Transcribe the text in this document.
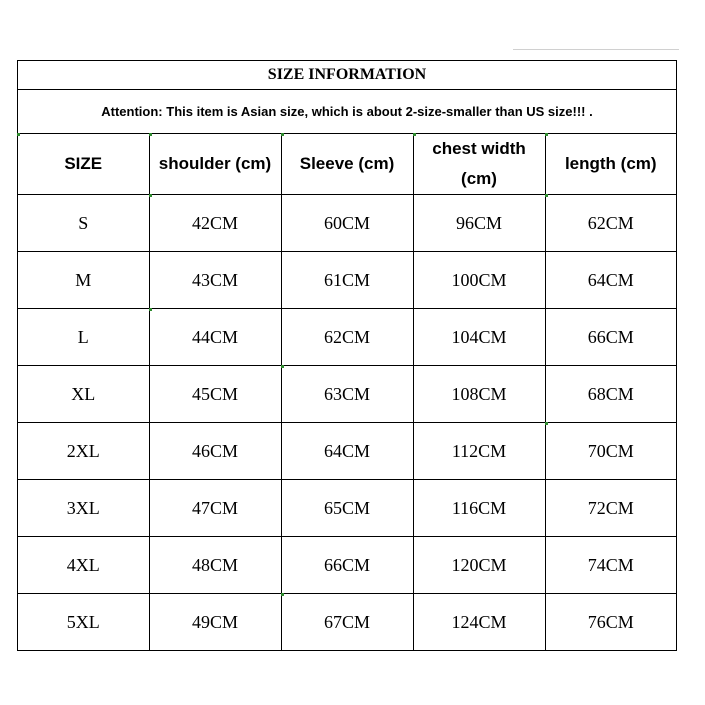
SIZE INFORMATION
Attention: This item is Asian size, which is about 2-size-smaller than US size!!! .
SIZE	shoulder (cm)	Sleeve (cm)	chest width (cm)	length (cm)
S	42CM	60CM	96CM	62CM
M	43CM	61CM	100CM	64CM
L	44CM	62CM	104CM	66CM
XL	45CM	63CM	108CM	68CM
2XL	46CM	64CM	112CM	70CM
3XL	47CM	65CM	116CM	72CM
4XL	48CM	66CM	120CM	74CM
5XL	49CM	67CM	124CM	76CM
